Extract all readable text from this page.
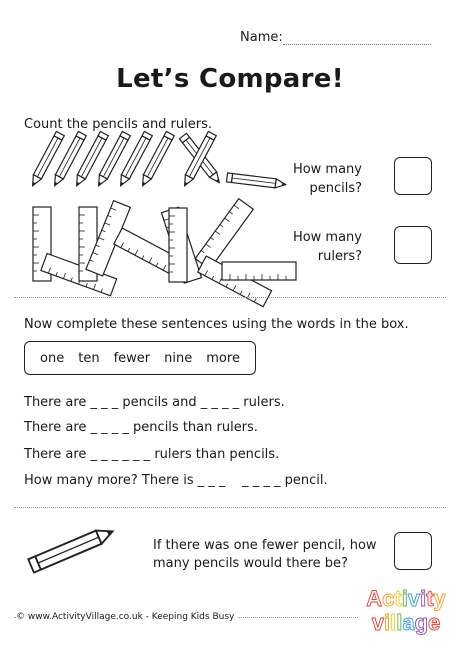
Name:
Let’s Compare!
Count the pencils and rulers.
How many
pencils?
How many
rulers?
Now complete these sentences using the words in the box.
one ten fewer nine more
There are _ _ _ pencils and _ _ _ _ rulers.
There are _ _ _ _ pencils than rulers.
There are _ _ _ _ _ _ rulers than pencils.
How many more? There is _ _ _    _ _ _ _ pencil.
If there was one fewer pencil, how
many pencils would there be?
© www.ActivityVillage.co.uk - Keeping Kids Busy
Activity
village
